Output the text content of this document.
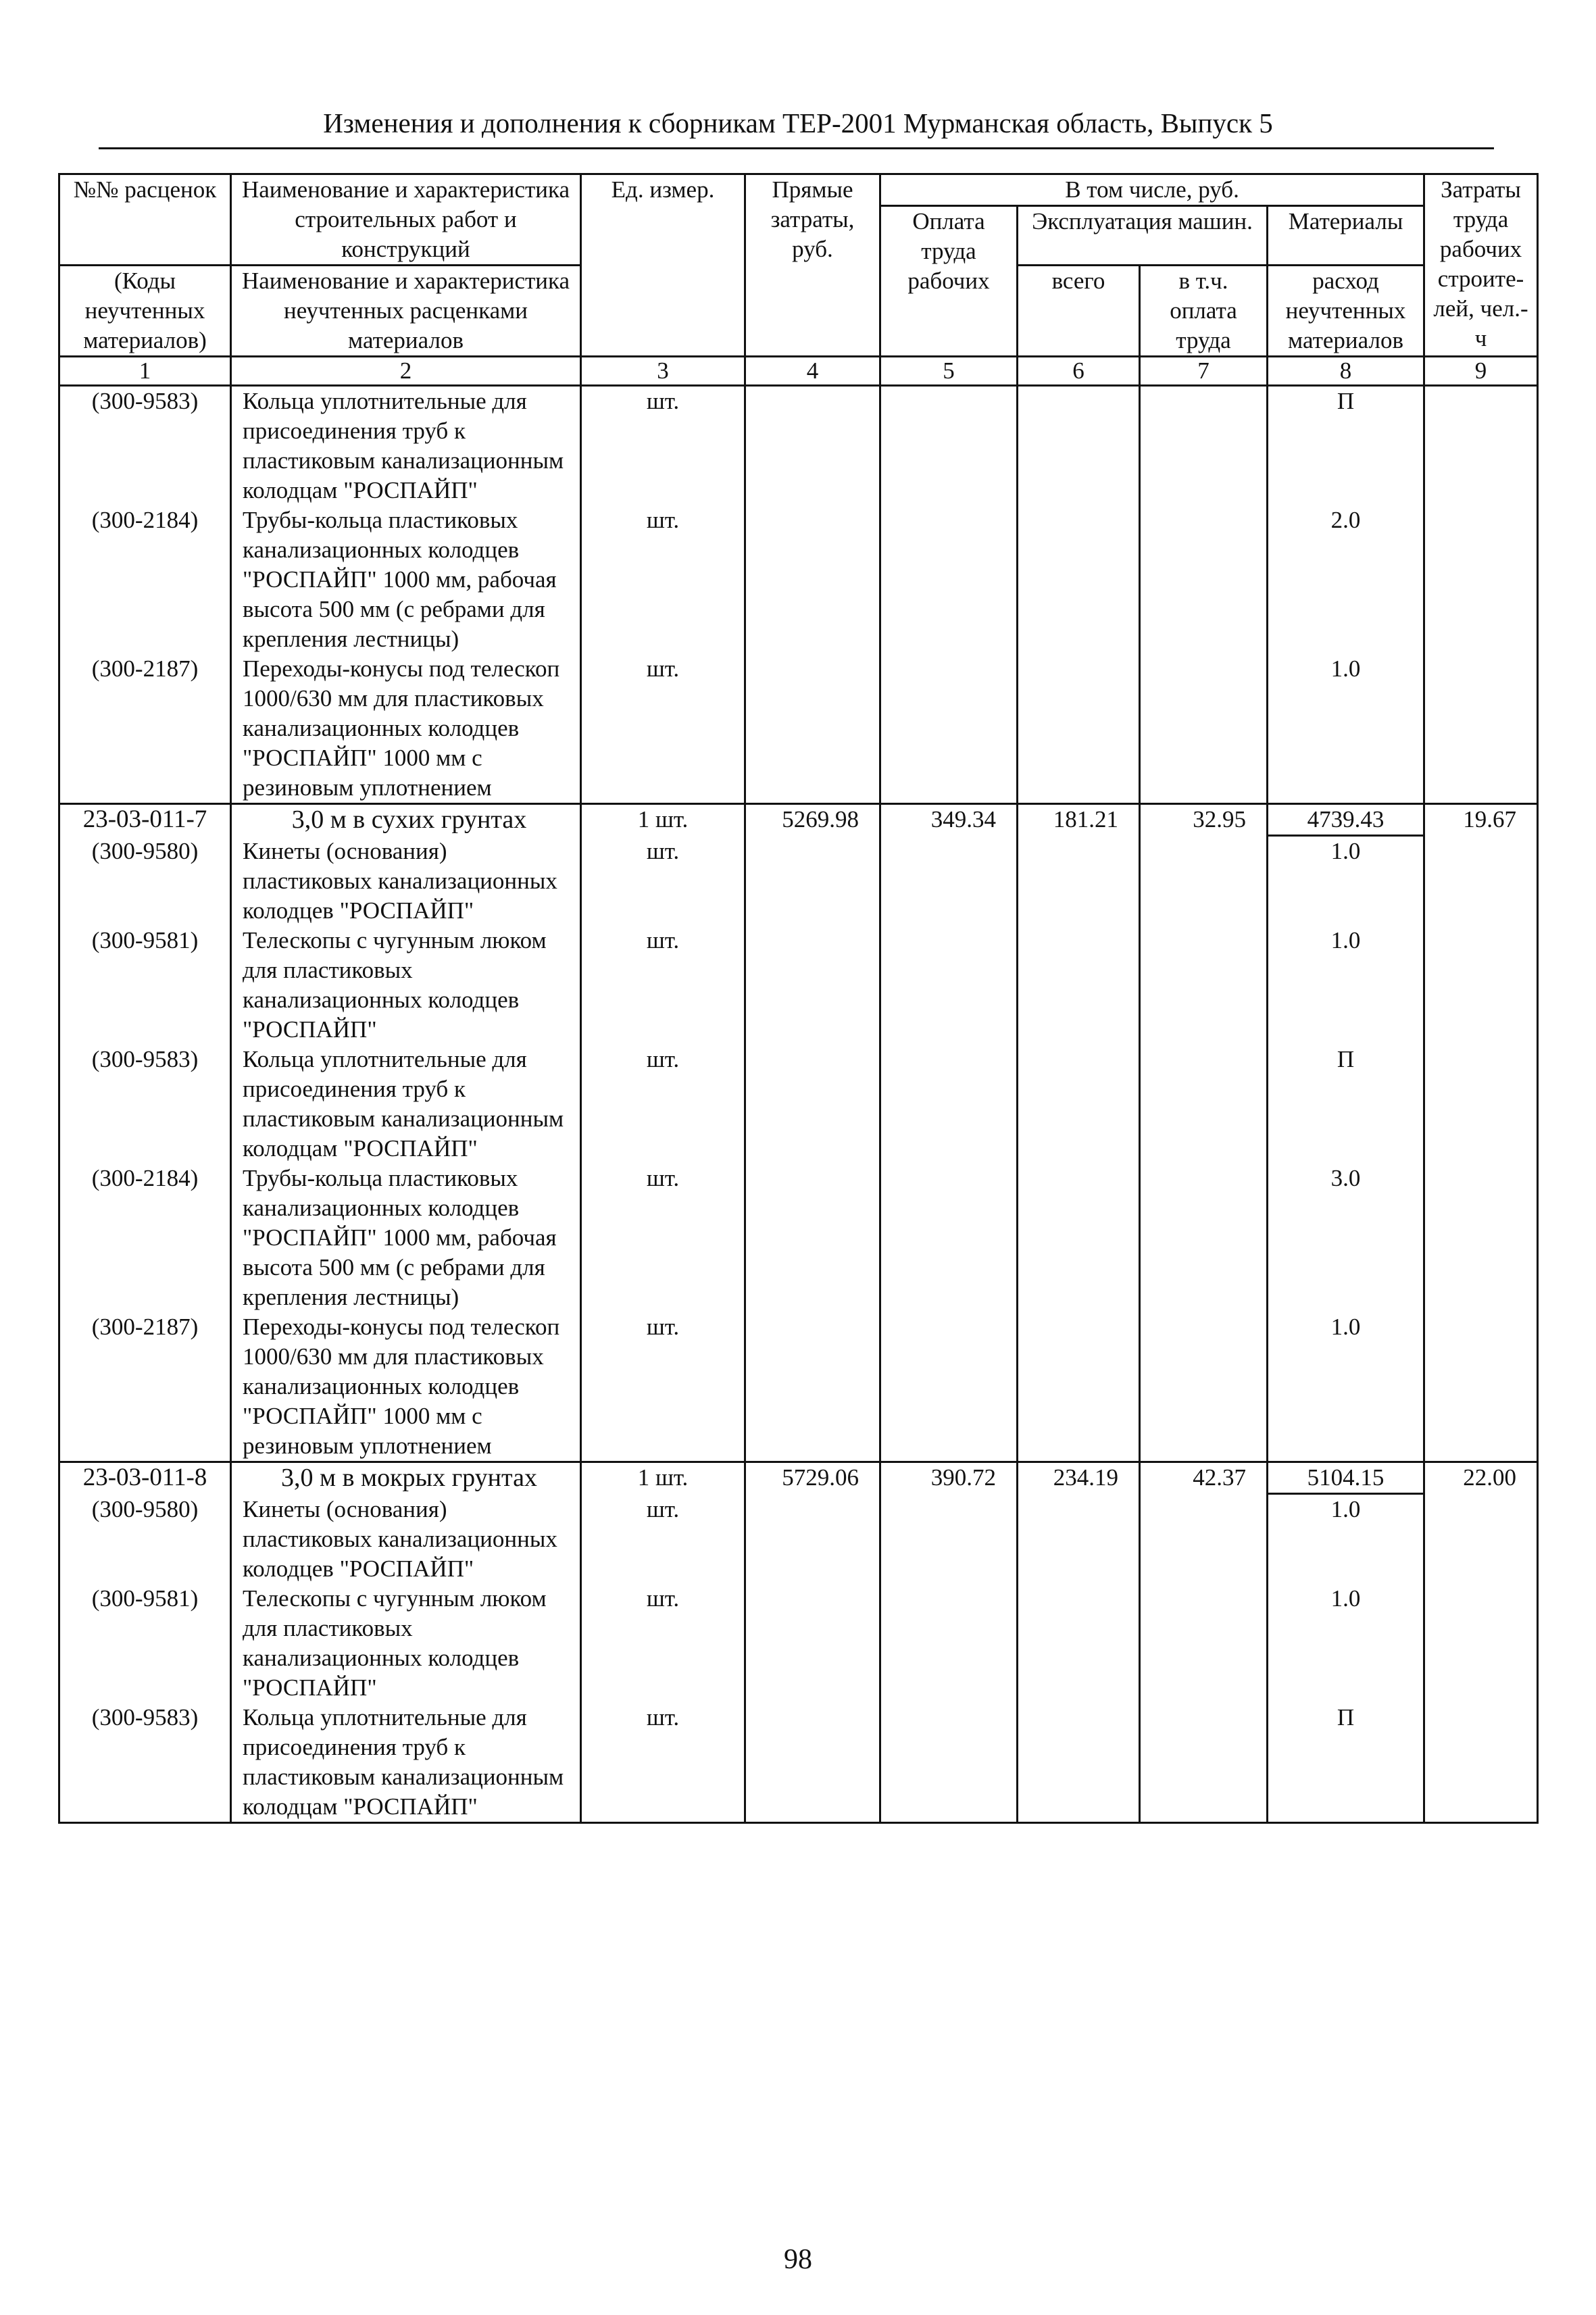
Изменения и дополнения к сборникам ТЕР-2001 Мурманская область, Выпуск 5
№№ расценок	Наименование и характеристика строительных работ и конструкций	Ед. измер.	Прямые затраты, руб.	В том числе, руб.				Затраты труда рабочих строите-лей, чел.-ч
				Оплата труда рабочих	Эксплуатация машин.		Материалы	
(Коды неучтенных материалов)	Наименование и характеристика неучтенных расценками материалов				всего	в т.ч. оплата труда	расход неучтенных материалов	

1	2	3	4	5	6	7	8	9
(300-9583)	Кольца уплотнительные для присоединения труб к пластиковым канализационным колодцам "РОСПАЙП"	шт.					П	
(300-2184)	Трубы-кольца пластиковых канализационных колодцев "РОСПАЙП" 1000 мм, рабочая высота 500 мм (с ребрами для крепления лестницы)	шт.					2.0	
(300-2187)	Переходы-конусы под телескоп 1000/630 мм для пластиковых канализационных колодцев "РОСПАЙП" 1000 мм с резиновым уплотнением	шт.					1.0	
23-03-011-7	3,0 м в сухих грунтах	1 шт.	5269.98	349.34	181.21	32.95	4739.43	19.67
(300-9580)	Кинеты (основания) пластиковых канализационных колодцев "РОСПАЙП"	шт.					1.0	
(300-9581)	Телескопы с чугунным люком для пластиковых канализационных колодцев "РОСПАЙП"	шт.					1.0	
(300-9583)	Кольца уплотнительные для присоединения труб к пластиковым канализационным колодцам "РОСПАЙП"	шт.					П	
(300-2184)	Трубы-кольца пластиковых канализационных колодцев "РОСПАЙП" 1000 мм, рабочая высота 500 мм (с ребрами для крепления лестницы)	шт.					3.0	
(300-2187)	Переходы-конусы под телескоп 1000/630 мм для пластиковых канализационных колодцев "РОСПАЙП" 1000 мм с резиновым уплотнением	шт.					1.0	
23-03-011-8	3,0 м в мокрых грунтах	1 шт.	5729.06	390.72	234.19	42.37	5104.15	22.00
(300-9580)	Кинеты (основания) пластиковых канализационных колодцев "РОСПАЙП"	шт.					1.0	
(300-9581)	Телескопы с чугунным люком для пластиковых канализационных колодцев "РОСПАЙП"	шт.					1.0	
(300-9583)	Кольца уплотнительные для присоединения труб к пластиковым канализационным колодцам "РОСПАЙП"	шт.					П	
98
